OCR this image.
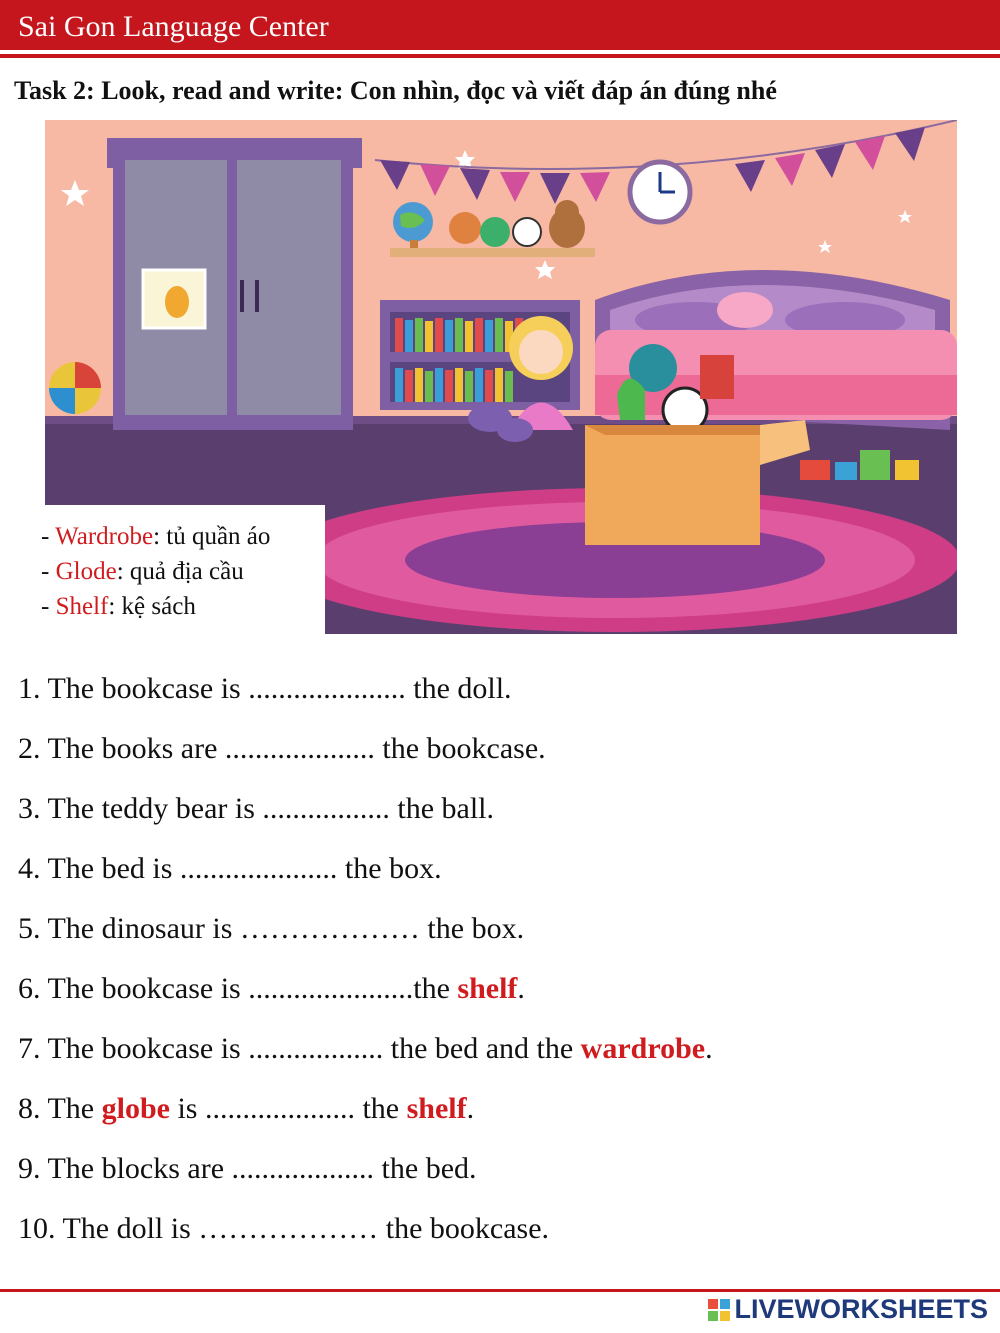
Sai Gon Language Center
Task 2: Look, read and write: Con nhìn, đọc và viết đáp án đúng nhé
- Wardrobe: tủ quần áo
- Glode: quả địa cầu
- Shelf: kệ sách
1. The bookcase is ..................... the doll.
2. The books are .................... the bookcase.
3. The teddy bear is ................. the ball.
4. The bed is ..................... the box.
5. The dinosaur is ……………… the box.
6. The bookcase is ......................the shelf.
7. The bookcase is .................. the bed and the wardrobe.
8. The globe is .................... the shelf.
9. The blocks are ................... the bed.
10. The doll is ……………… the bookcase.
LIVEWORKSHEETS
